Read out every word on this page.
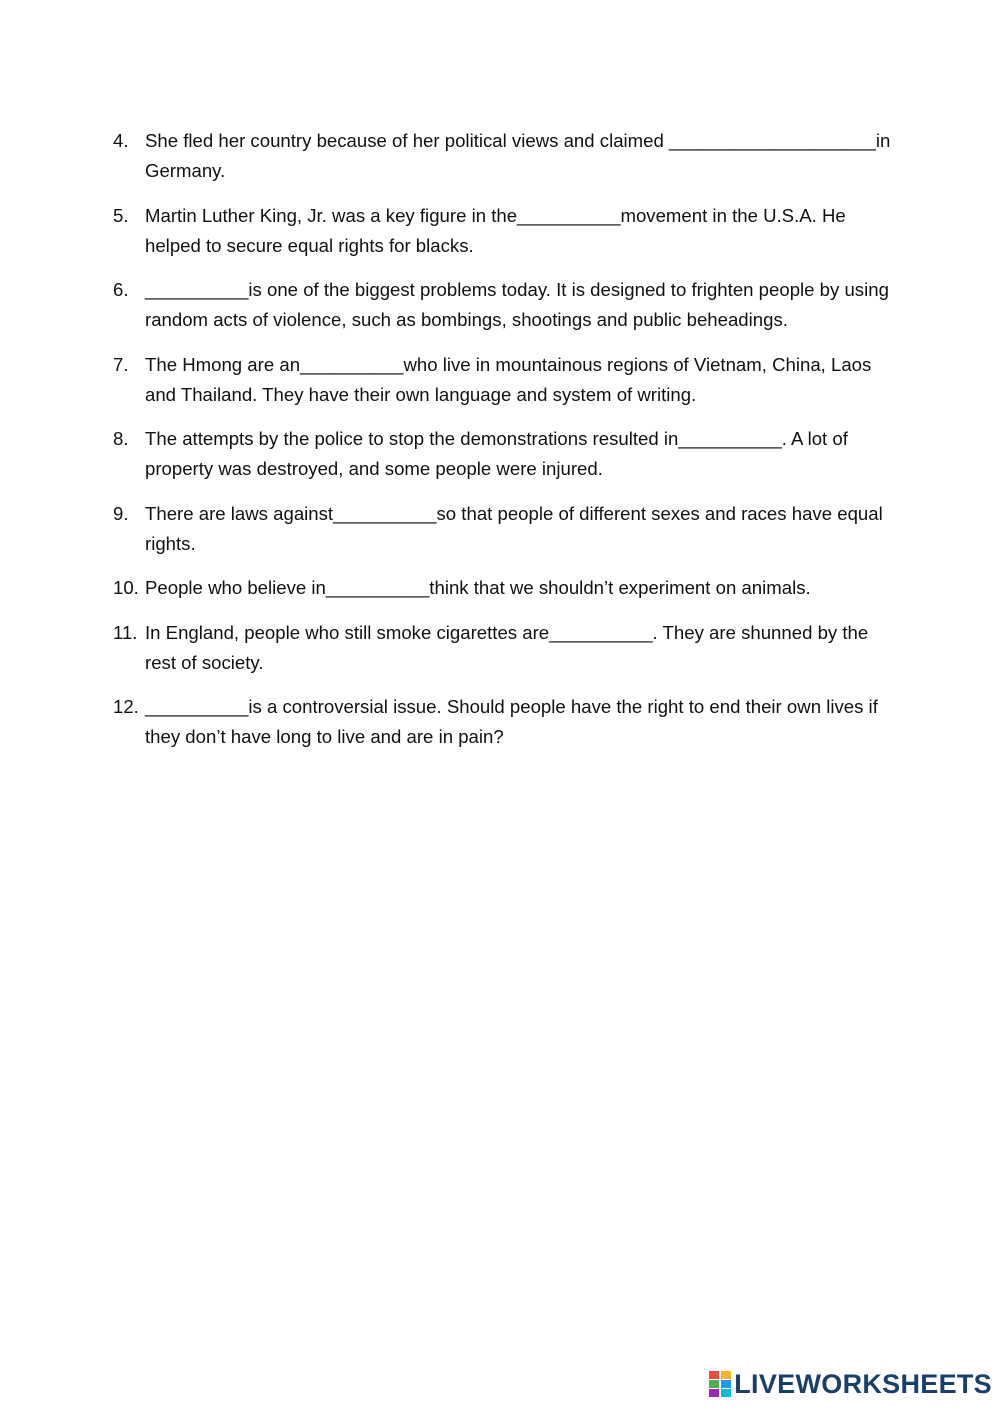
4. She fled her country because of her political views and claimed ____________________in Germany.
5. Martin Luther King, Jr. was a key figure in the__________movement in the U.S.A. He helped to secure equal rights for blacks.
6. __________is one of the biggest problems today. It is designed to frighten people by using random acts of violence, such as bombings, shootings and public beheadings.
7. The Hmong are an__________who live in mountainous regions of Vietnam, China, Laos and Thailand. They have their own language and system of writing.
8. The attempts by the police to stop the demonstrations resulted in__________. A lot of property was destroyed, and some people were injured.
9. There are laws against__________so that people of different sexes and races have equal rights.
10. People who believe in__________think that we shouldn’t experiment on animals.
11. In England, people who still smoke cigarettes are__________. They are shunned by the rest of society.
12. __________is a controversial issue. Should people have the right to end their own lives if they don’t have long to live and are in pain?
LIVEWORKSHEETS
